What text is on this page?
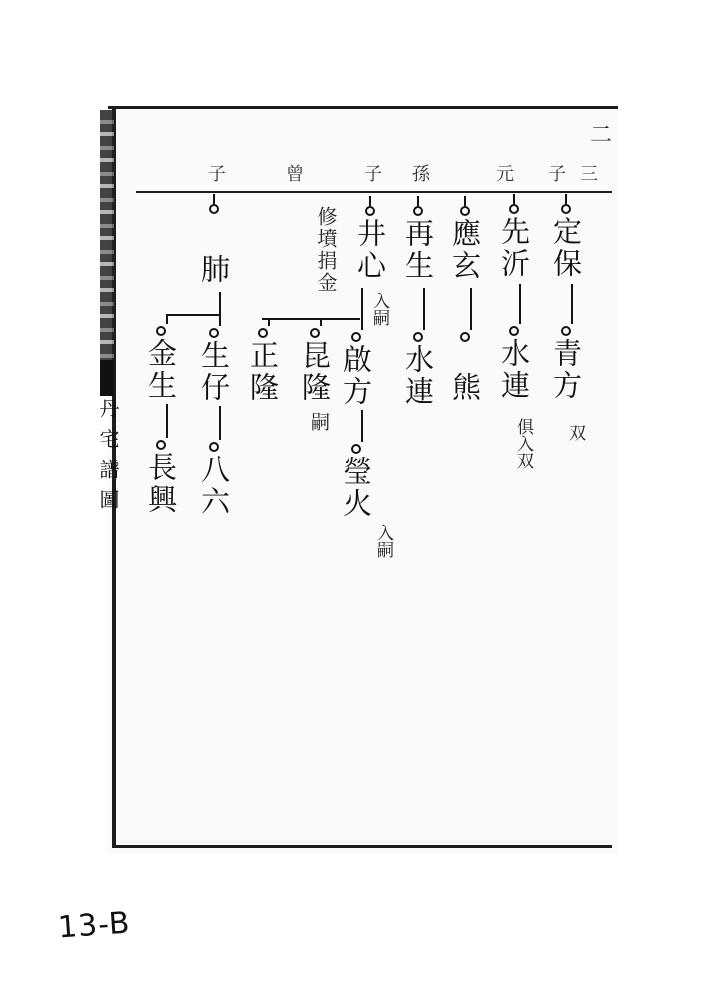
丹 宅 譜 圖
二
子	曾	子 孫	元 子 三
定保
青方
双
先沂
水連
俱入双
應玄
熊
再生
水連
井心
入嗣
啟方
瑩火
入嗣
修墳捐金
昆隆
嗣
正隆
肺
生仔
八六
金生
長興
13-B
